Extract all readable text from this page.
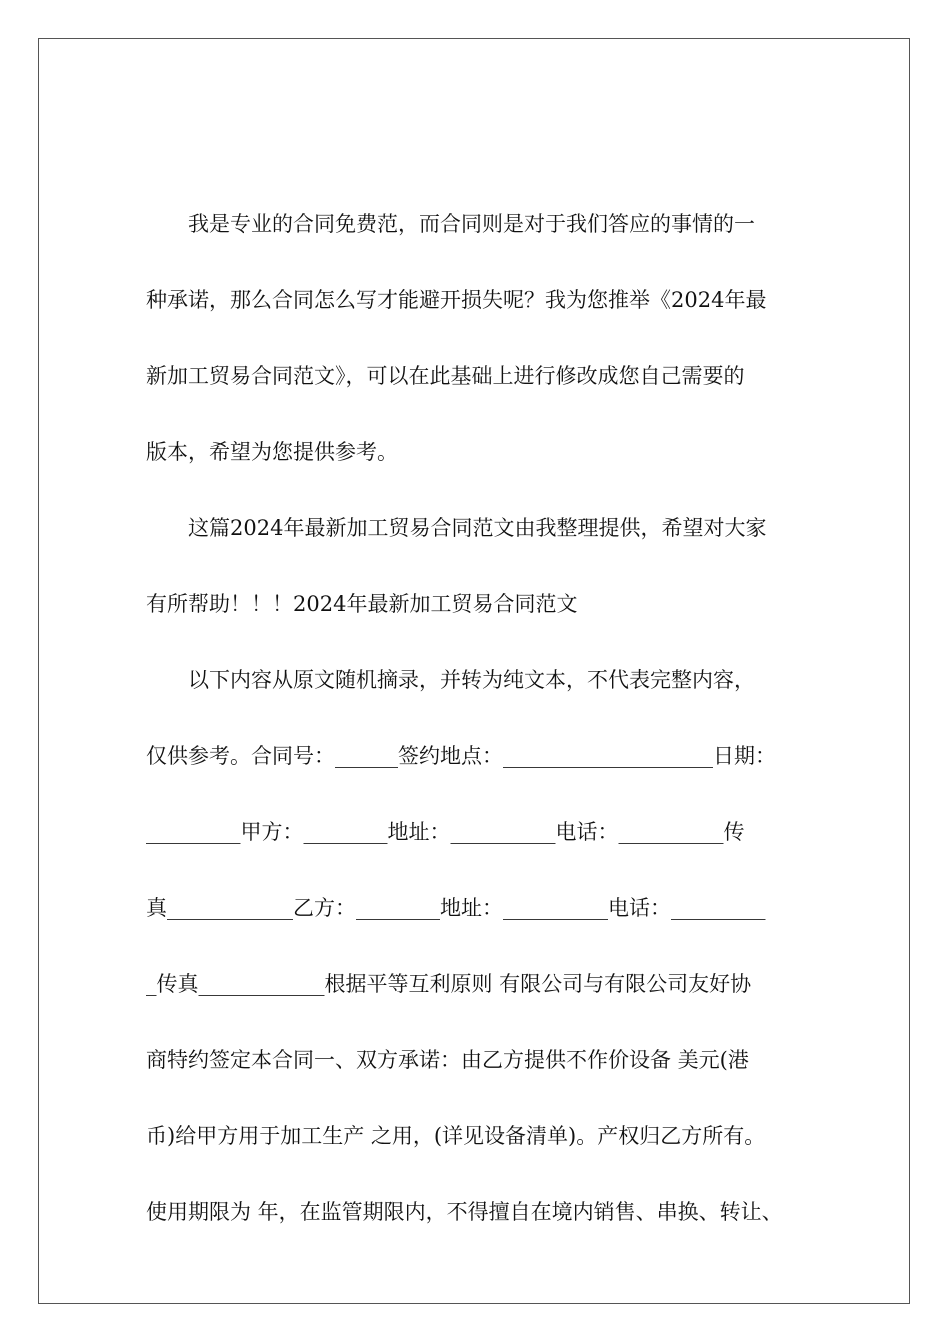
我是专业的合同免费范，而合同则是对于我们答应的事情的一
种承诺，那么合同怎么写才能避开损失呢？我为您推举《2024年最
新加工贸易合同范文》，可以在此基础上进行修改成您自己需要的
版本，希望为您提供参考。
这篇2024年最新加工贸易合同范文由我整理提供，希望对大家
有所帮助！！！2024年最新加工贸易合同范文
以下内容从原文随机摘录，并转为纯文本，不代表完整内容，
仅供参考。合同号：______签约地点：____________________日期：
_________甲方：________地址：__________电话：__________传
真____________乙方：________地址：__________电话：_________
_传真____________根据平等互利原则 有限公司与有限公司友好协
商特约签定本合同一、双方承诺：由乙方提供不作价设备 美元(港
币)给甲方用于加工生产 之用，(详见设备清单)。产权归乙方所有。
使用期限为 年，在监管期限内，不得擅自在境内销售、串换、转让、
